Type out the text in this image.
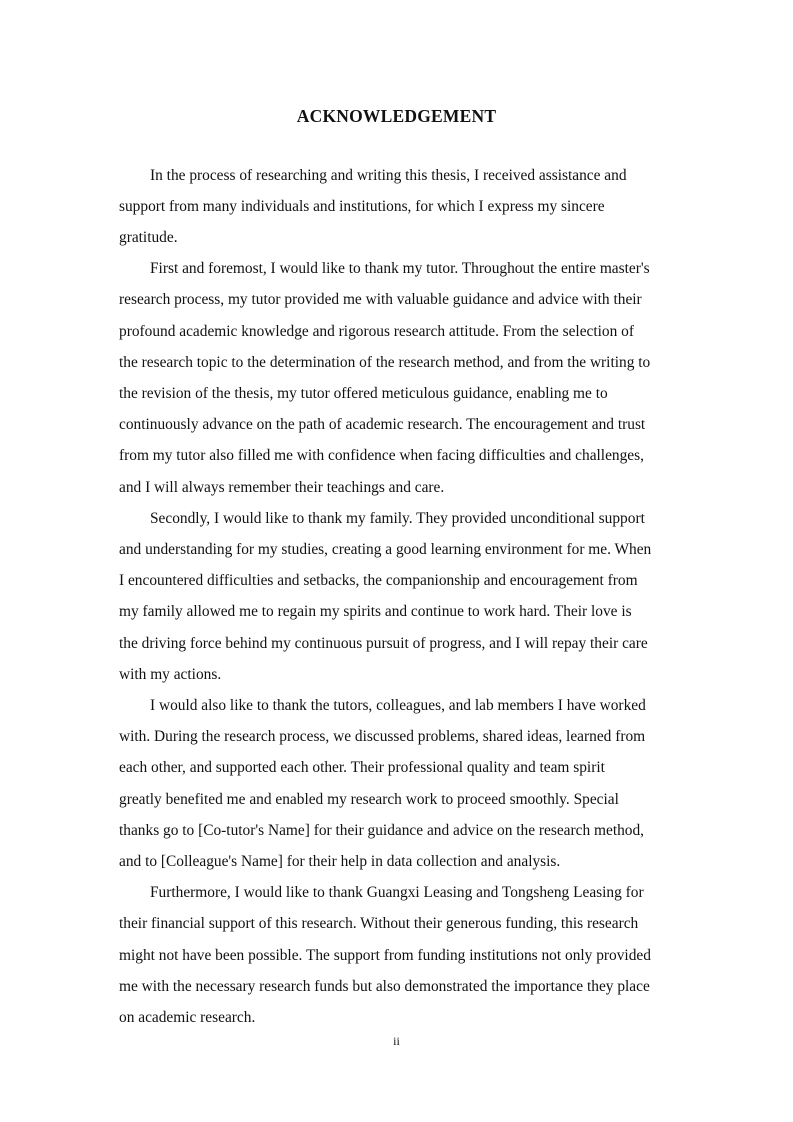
ACKNOWLEDGEMENT

In the process of researching and writing this thesis, I received assistance and
support from many individuals and institutions, for which I express my sincere
gratitude.

First and foremost, I would like to thank my tutor. Throughout the entire master's
research process, my tutor provided me with valuable guidance and advice with their
profound academic knowledge and rigorous research attitude. From the selection of
the research topic to the determination of the research method, and from the writing to
the revision of the thesis, my tutor offered meticulous guidance, enabling me to
continuously advance on the path of academic research. The encouragement and trust
from my tutor also filled me with confidence when facing difficulties and challenges,
and I will always remember their teachings and care.

Secondly, I would like to thank my family. They provided unconditional support
and understanding for my studies, creating a good learning environment for me. When
I encountered difficulties and setbacks, the companionship and encouragement from
my family allowed me to regain my spirits and continue to work hard. Their love is
the driving force behind my continuous pursuit of progress, and I will repay their care
with my actions.

I would also like to thank the tutors, colleagues, and lab members I have worked
with. During the research process, we discussed problems, shared ideas, learned from
each other, and supported each other. Their professional quality and team spirit
greatly benefited me and enabled my research work to proceed smoothly. Special
thanks go to [Co-tutor's Name] for their guidance and advice on the research method,
and to [Colleague's Name] for their help in data collection and analysis.

Furthermore, I would like to thank Guangxi Leasing and Tongsheng Leasing for
their financial support of this research. Without their generous funding, this research
might not have been possible. The support from funding institutions not only provided
me with the necessary research funds but also demonstrated the importance they place
on academic research.

ii
